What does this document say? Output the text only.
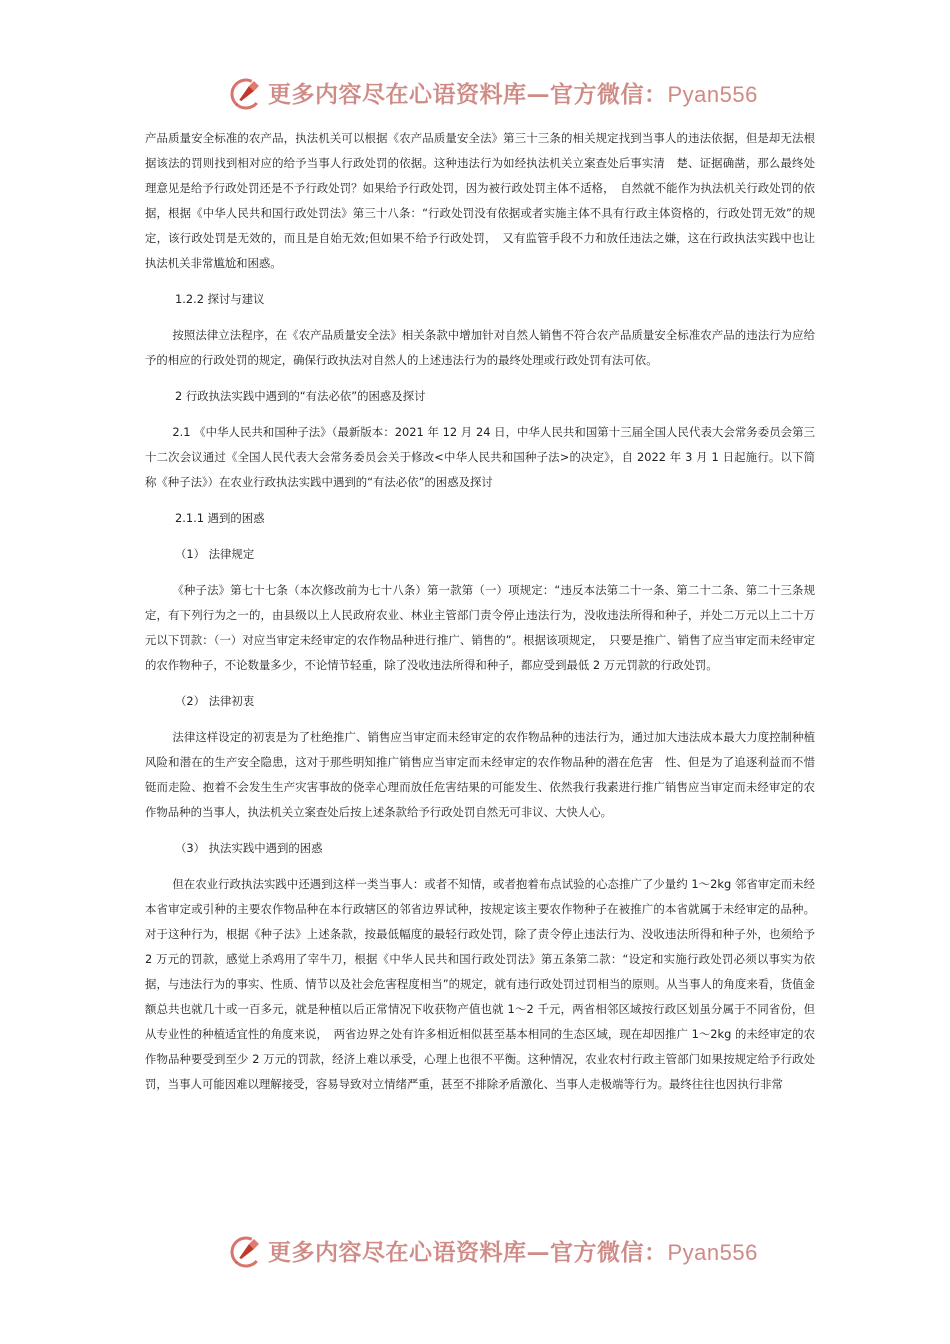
更多内容尽在心语资料库—官方微信：Pyan556

产品质量安全标准的农产品，执法机关可以根据《农产品质量安全法》第三十三条的相关规定找到当事人的违法依据，但是却无法根据该法的罚则找到相对应的给予当事人行政处罚的依据。这种违法行为如经执法机关立案查处后事实清　楚、证据确凿，那么最终处理意见是给予行政处罚还是不予行政处罚？如果给予行政处罚，因为被行政处罚主体不适格，　自然就不能作为执法机关行政处罚的依据，根据《中华人民共和国行政处罚法》第三十八条：“行政处罚没有依据或者实施主体不具有行政主体资格的，行政处罚无效”的规定，该行政处罚是无效的，而且是自始无效;但如果不给予行政处罚，　又有监管手段不力和放任违法之嫌，这在行政执法实践中也让执法机关非常尴尬和困惑。

1.2.2 探讨与建议

按照法律立法程序，在《农产品质量安全法》相关条款中增加针对自然人销售不符合农产品质量安全标准农产品的违法行为应给予的相应的行政处罚的规定，确保行政执法对自然人的上述违法行为的最终处理或行政处罚有法可依。

2 行政执法实践中遇到的“有法必依”的困惑及探讨

2.1 《中华人民共和国种子法》（最新版本：2021 年 12 月 24 日，中华人民共和国第十三届全国人民代表大会常务委员会第三十二次会议通过《全国人民代表大会常务委员会关于修改<中华人民共和国种子法>的决定》，自 2022 年 3 月 1 日起施行。以下简称《种子法》）在农业行政执法实践中遇到的“有法必依”的困惑及探讨

2.1.1 遇到的困惑

（1） 法律规定

《种子法》第七十七条（本次修改前为七十八条）第一款第（一）项规定：“违反本法第二十一条、第二十二条、第二十三条规定，有下列行为之一的，由县级以上人民政府农业、林业主管部门责令停止违法行为，没收违法所得和种子，并处二万元以上二十万元以下罚款：（一）对应当审定未经审定的农作物品种进行推广、销售的”。根据该项规定，　只要是推广、销售了应当审定而未经审定的农作物种子，不论数量多少，不论情节轻重，除了没收违法所得和种子，都应受到最低 2 万元罚款的行政处罚。

（2） 法律初衷

法律这样设定的初衷是为了杜绝推广、销售应当审定而未经审定的农作物品种的违法行为，通过加大违法成本最大力度控制种植风险和潜在的生产安全隐患，这对于那些明知推广销售应当审定而未经审定的农作物品种的潜在危害　性、但是为了追逐利益而不惜铤而走险、抱着不会发生生产灾害事故的侥幸心理而放任危害结果的可能发生、依然我行我素进行推广销售应当审定而未经审定的农作物品种的当事人，执法机关立案查处后按上述条款给予行政处罚自然无可非议、大快人心。

（3） 执法实践中遇到的困惑

但在农业行政执法实践中还遇到这样一类当事人：或者不知情，或者抱着布点试验的心态推广了少量约 1～2kg 邻省审定而未经本省审定或引种的主要农作物品种在本行政辖区的邻省边界试种，按规定该主要农作物种子在被推广的本省就属于未经审定的品种。对于这种行为，根据《种子法》上述条款，按最低幅度的最轻行政处罚，除了责令停止违法行为、没收违法所得和种子外，也须给予 2 万元的罚款，感觉上杀鸡用了宰牛刀，根据《中华人民共和国行政处罚法》第五条第二款：“设定和实施行政处罚必须以事实为依据，与违法行为的事实、性质、情节以及社会危害程度相当”的规定，就有违行政处罚过罚相当的原则。从当事人的角度来看，货值金额总共也就几十或一百多元，就是种植以后正常情况下收获物产值也就 1～2 千元，两省相邻区域按行政区划虽分属于不同省份，但从专业性的种植适宜性的角度来说，　两省边界之处有许多相近相似甚至基本相同的生态区域，现在却因推广 1～2kg 的未经审定的农作物品种要受到至少 2 万元的罚款，经济上难以承受，心理上也很不平衡。这种情况，农业农村行政主管部门如果按规定给予行政处罚，当事人可能因难以理解接受，容易导致对立情绪严重，甚至不排除矛盾激化、当事人走极端等行为。最终往往也因执行非常

更多内容尽在心语资料库—官方微信：Pyan556
